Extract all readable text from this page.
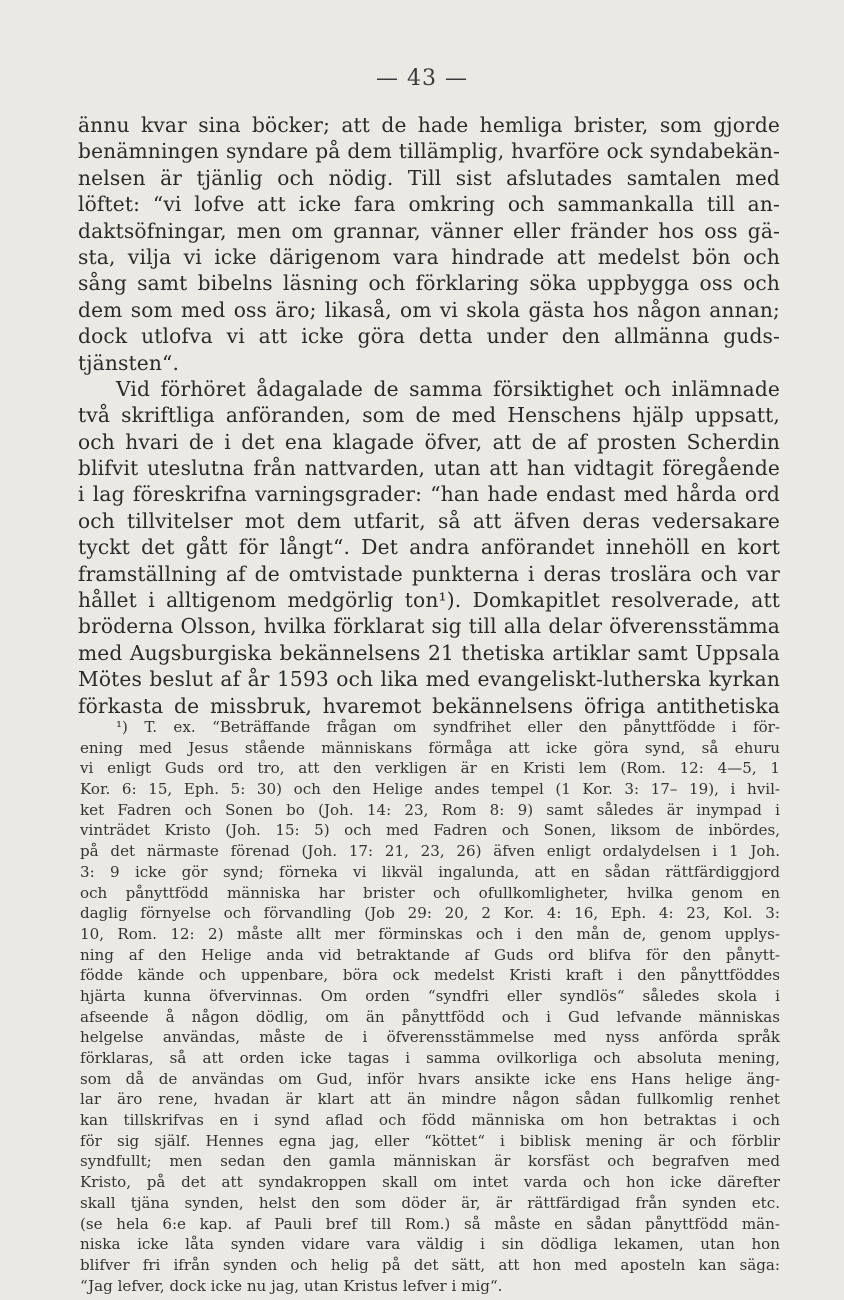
— 43 —
ännu kvar sina böcker; att de hade hemliga brister, som gjorde
benämningen syndare på dem tillämplig, hvarföre ock syndabekän-
nelsen är tjänlig och nödig. Till sist afslutades samtalen med
löftet: “vi lofve att icke fara omkring och sammankalla till an-
daktsöfningar, men om grannar, vänner eller fränder hos oss gä-
sta, vilja vi icke därigenom vara hindrade att medelst bön och
sång samt bibelns läsning och förklaring söka uppbygga oss och
dem som med oss äro; likaså, om vi skola gästa hos någon annan;
dock utlofva vi att icke göra detta under den allmänna guds-
tjänsten“.
Vid förhöret ådagalade de samma försiktighet och inlämnade
två skriftliga anföranden, som de med Henschens hjälp uppsatt,
och hvari de i det ena klagade öfver, att de af prosten Scherdin
blifvit uteslutna från nattvarden, utan att han vidtagit föregående
i lag föreskrifna varningsgrader: “han hade endast med hårda ord
och tillvitelser mot dem utfarit, så att äfven deras vedersakare
tyckt det gått för långt“. Det andra anförandet innehöll en kort
framställning af de omtvistade punkterna i deras troslära och var
hållet i alltigenom medgörlig ton¹). Domkapitlet resolverade, att
bröderna Olsson, hvilka förklarat sig till alla delar öfverensstämma
med Augsburgiska bekännelsens 21 thetiska artiklar samt Uppsala
Mötes beslut af år 1593 och lika med evangeliskt-lutherska kyrkan
förkasta de missbruk, hvaremot bekännelsens öfriga antithetiska
¹) T. ex. “Beträffande frågan om syndfrihet eller den pånyttfödde i för-
ening med Jesus stående människans förmåga att icke göra synd, så ehuru
vi enligt Guds ord tro, att den verkligen är en Kristi lem (Rom. 12: 4—5, 1
Kor. 6: 15, Eph. 5: 30) och den Helige andes tempel (1 Kor. 3: 17– 19), i hvil-
ket Fadren och Sonen bo (Joh. 14: 23, Rom 8: 9) samt således är inympad i
vinträdet Kristo (Joh. 15: 5) och med Fadren och Sonen, liksom de inbördes,
på det närmaste förenad (Joh. 17: 21, 23, 26) äfven enligt ordalydelsen i 1 Joh.
3: 9 icke gör synd; förneka vi likväl ingalunda, att en sådan rättfärdiggjord
och pånyttfödd människa har brister och ofullkomligheter, hvilka genom en
daglig förnyelse och förvandling (Job 29: 20, 2 Kor. 4: 16, Eph. 4: 23, Kol. 3:
10, Rom. 12: 2) måste allt mer förminskas och i den mån de, genom upplys-
ning af den Helige anda vid betraktande af Guds ord blifva för den pånytt-
födde kände och uppenbare, böra ock medelst Kristi kraft i den pånyttföddes
hjärta kunna öfvervinnas. Om orden “syndfri eller syndlös“ således skola i
afseende å någon dödlig, om än pånyttfödd och i Gud lefvande människas
helgelse användas, måste de i öfverensstämmelse med nyss anförda språk
förklaras, så att orden icke tagas i samma ovilkorliga och absoluta mening,
som då de användas om Gud, inför hvars ansikte icke ens Hans helige äng-
lar äro rene, hvadan är klart att än mindre någon sådan fullkomlig renhet
kan tillskrifvas en i synd aflad och född människa om hon betraktas i och
för sig själf. Hennes egna jag, eller “köttet“ i biblisk mening är och förblir
syndfullt; men sedan den gamla människan är korsfäst och begrafven med
Kristo, på det att syndakroppen skall om intet varda och hon icke därefter
skall tjäna synden, helst den som döder är, är rättfärdigad från synden etc.
(se hela 6:e kap. af Pauli bref till Rom.) så måste en sådan pånyttfödd män-
niska icke låta synden vidare vara väldig i sin dödliga lekamen, utan hon
blifver fri ifrån synden och helig på det sätt, att hon med aposteln kan säga:
“Jag lefver, dock icke nu jag, utan Kristus lefver i mig“.
